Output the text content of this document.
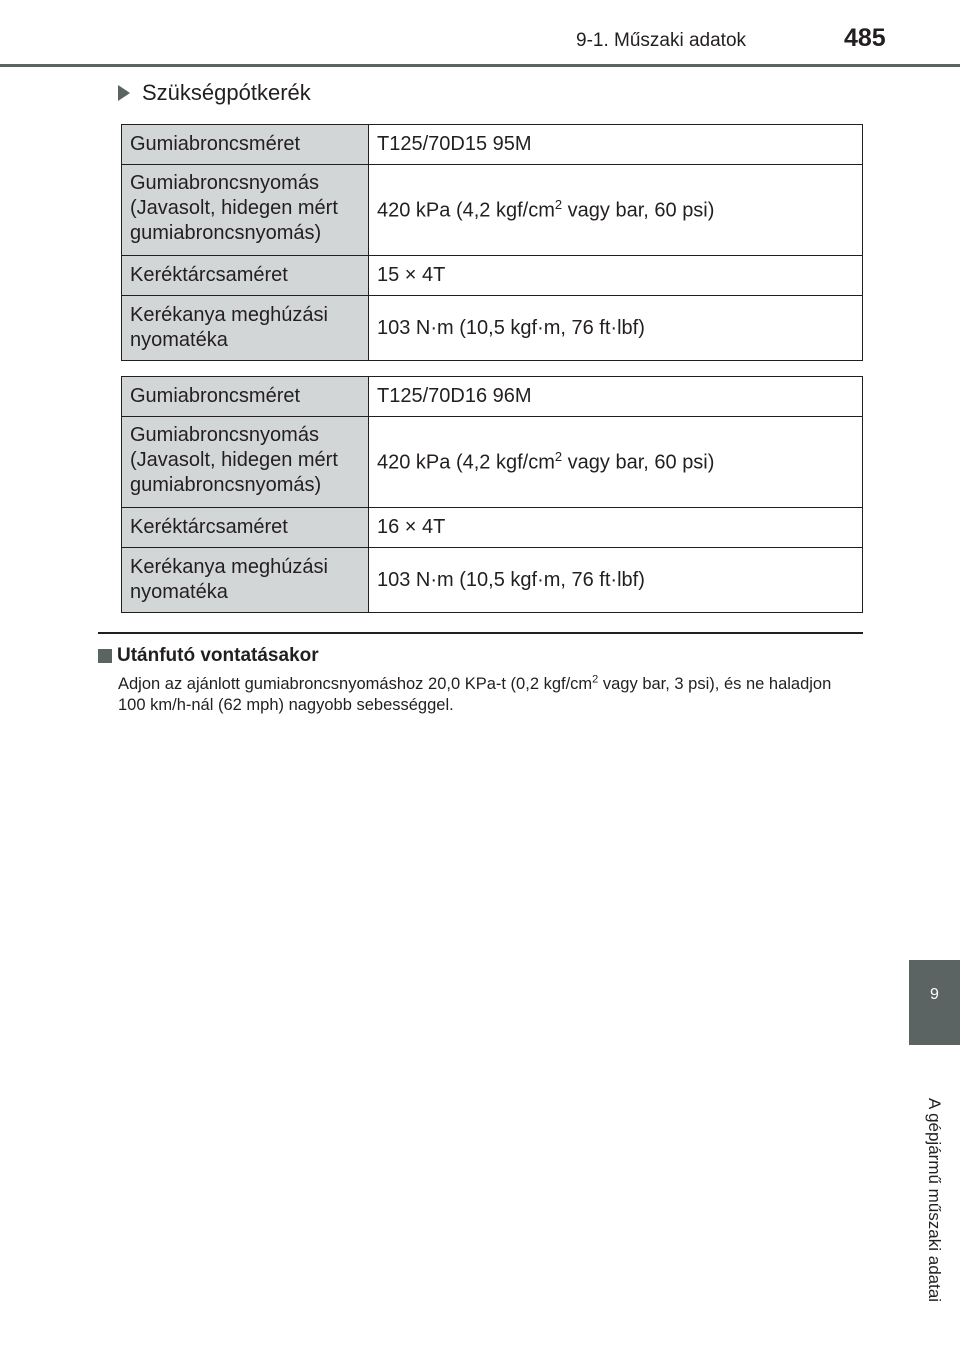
9-1. Műszaki adatok	485
Szükségpótkerék
Gumiabroncsméret	T125/70D15 95M
Gumiabroncsnyomás (Javasolt, hidegen mért gumiabroncsnyomás)	420 kPa (4,2 kgf/$cm^2$ vagy bar, 60 psi)
Keréktárcsaméret	15 × 4T
Kerékanya meghúzási nyomatéka	103 N·m (10,5 kgf·m, 76 ft·lbf)
Gumiabroncsméret	T125/70D16 96M
Gumiabroncsnyomás (Javasolt, hidegen mért gumiabroncsnyomás)	420 kPa (4,2 kgf/$cm^2$ vagy bar, 60 psi)
Keréktárcsaméret	16 × 4T
Kerékanya meghúzási nyomatéka	103 N·m (10,5 kgf·m, 76 ft·lbf)
Utánfutó vontatásakor
Adjon az ajánlott gumiabroncsnyomáshoz 20,0 KPa-t (0,2 kgf/$cm^2$ vagy bar, 3 psi), és ne haladjon 100 km/h-nál (62 mph) nagyobb sebességgel.
9
A gépjármű műszaki adatai
